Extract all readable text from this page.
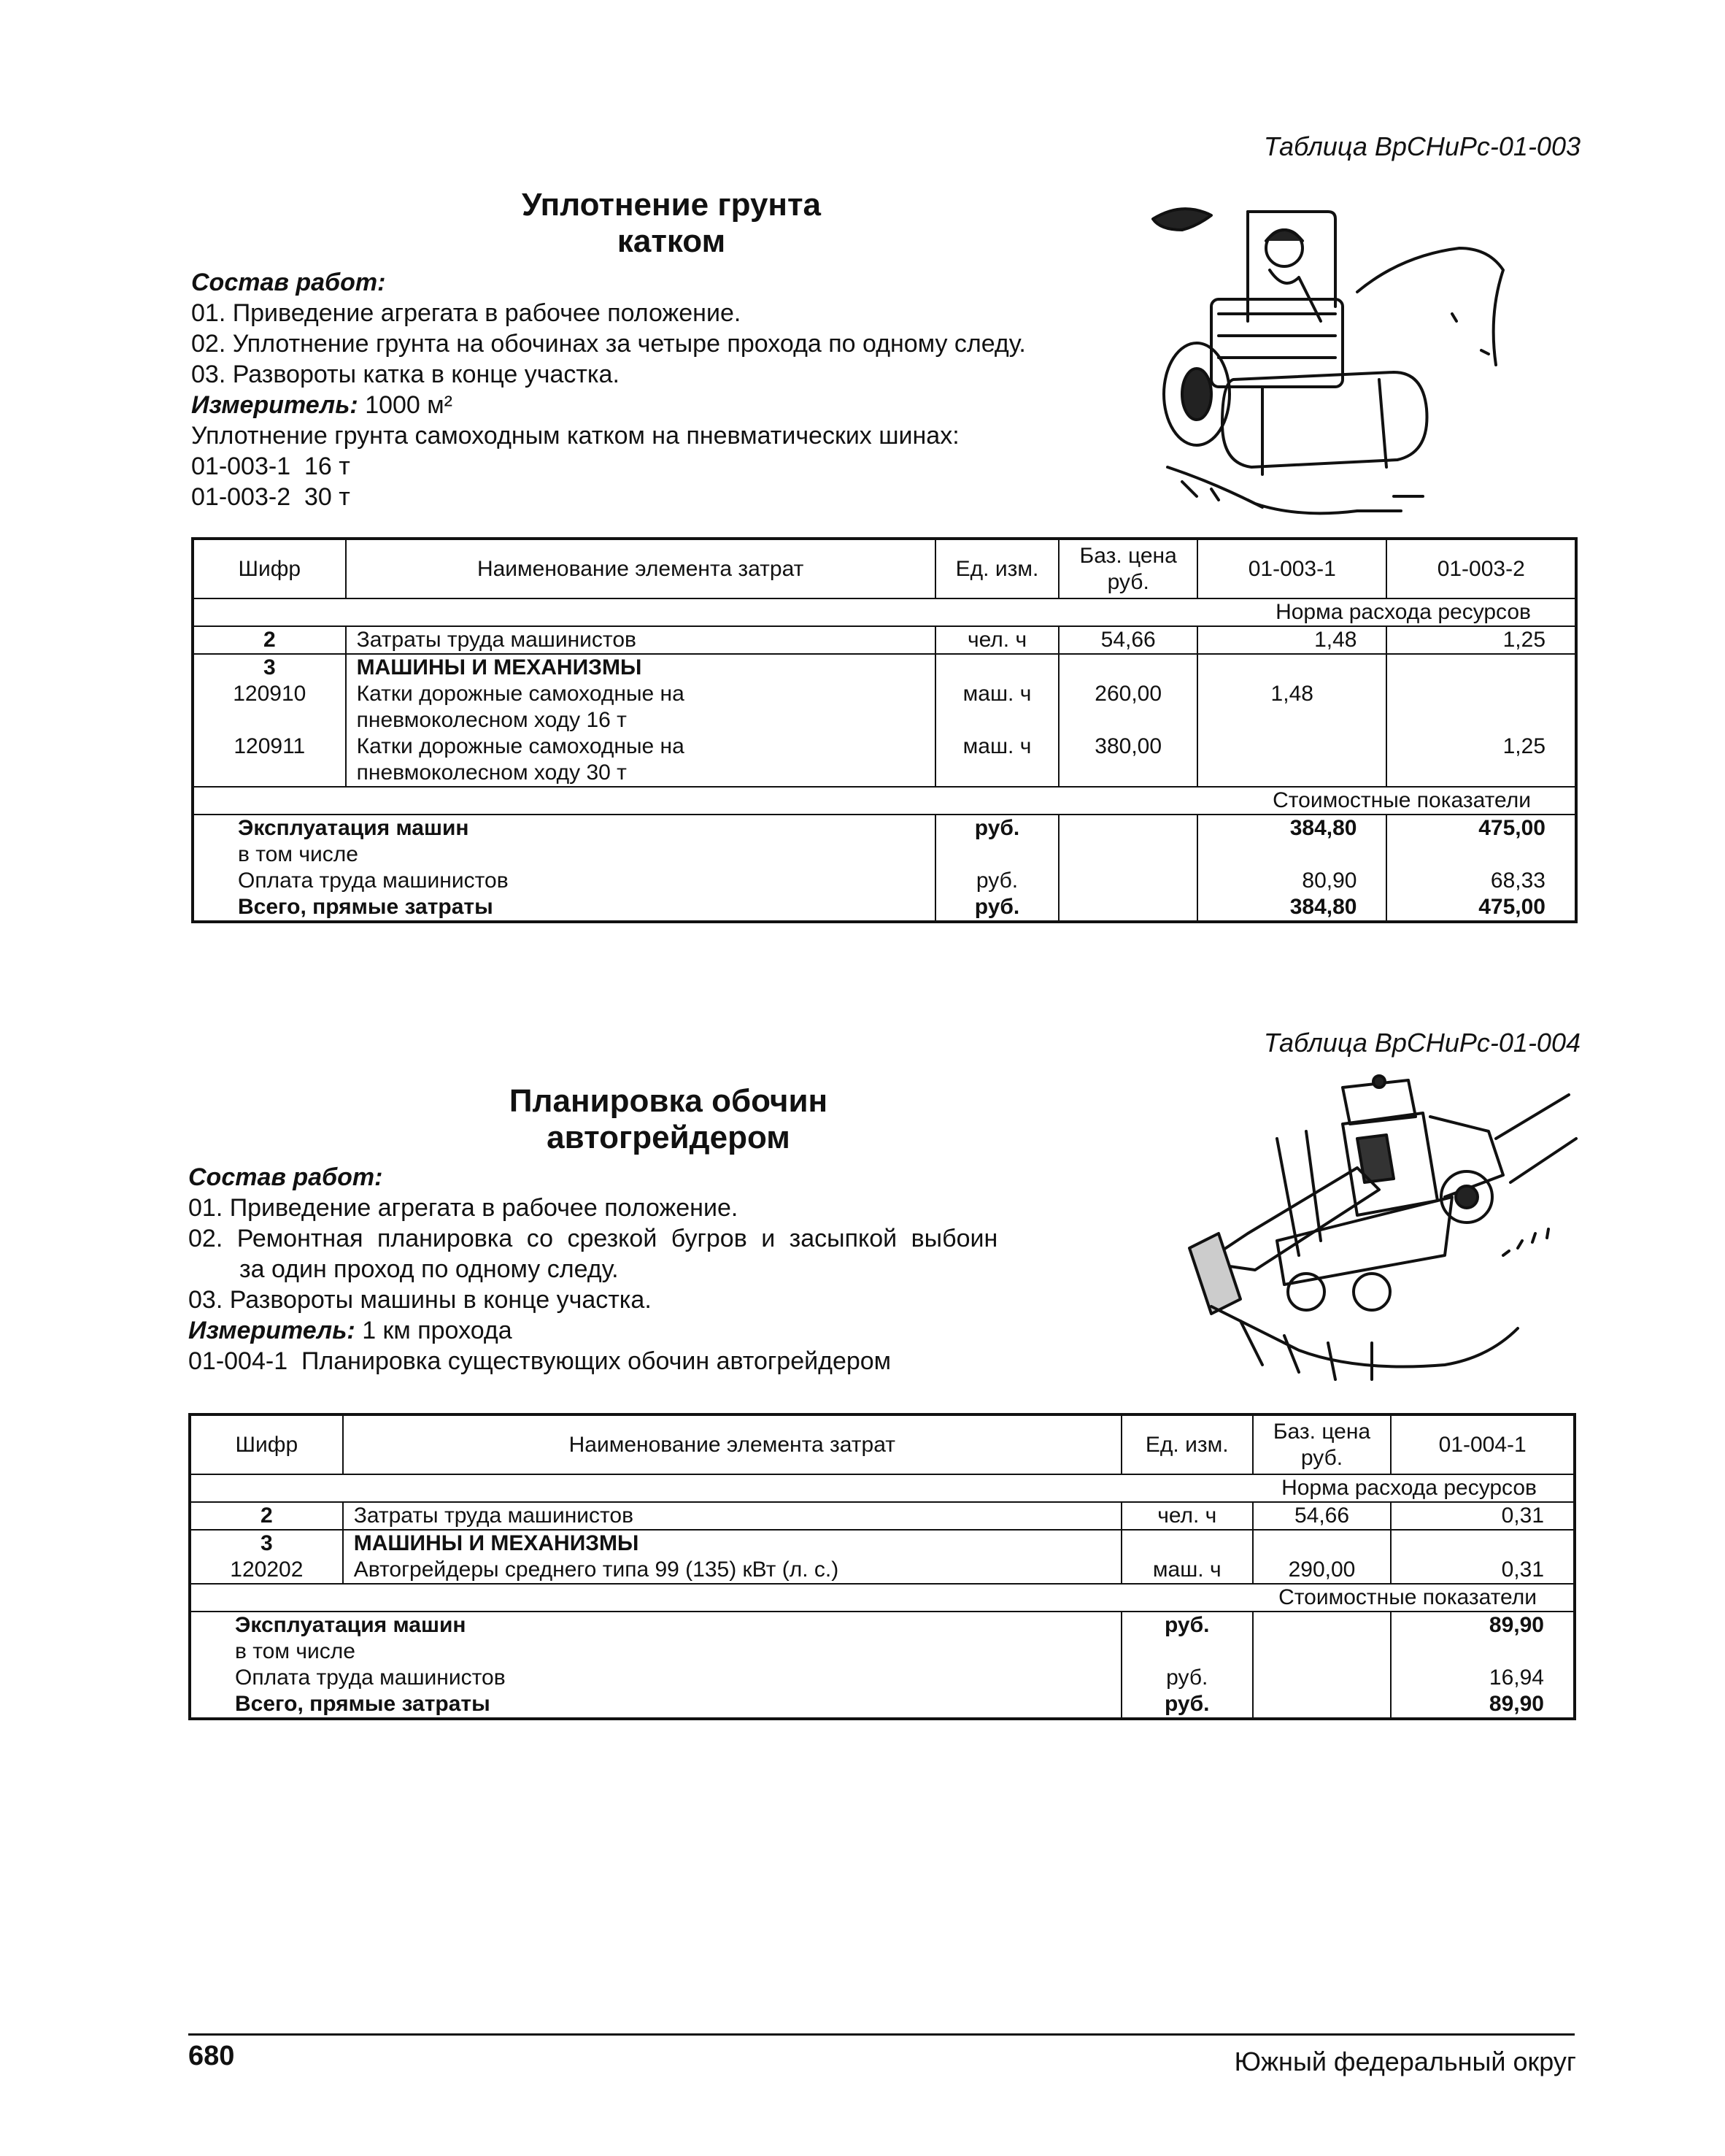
Таблица ВрСНиРс-01-003
Уплотнение грунта
катком
Состав работ:
01. Приведение агрегата в рабочее положение.
02. Уплотнение грунта на обочинах за четыре прохода по одному следу.
03. Развороты катка в конце участка.
Измеритель: 1000 м²
Уплотнение грунта самоходным катком на пневматических шинах:
01-003-1  16 т
01-003-2  30 т
Шифр	Наименование элемента затрат	Ед. изм.	Баз. цена руб.	01-003-1	01-003-2
Норма расхода ресурсов					
2	Затраты труда машинистов	чел. ч	54,66	1,48	1,25
3	МАШИНЫ И МЕХАНИЗМЫ				
120910	Катки дорожные самоходные на пневмоколесном ходу 16 т	маш. ч	260,00	1,48	
120911	Катки дорожные самоходные на пневмоколесном ходу 30 т	маш. ч	380,00		1,25
Стоимостные показатели					
Эксплуатация машин		руб.		384,80	475,00
в том числе					
Оплата труда машинистов		руб.		80,90	68,33
Всего, прямые затраты		руб.		384,80	475,00
Таблица ВрСНиРс-01-004
Планировка обочин
автогрейдером
Состав работ:
01. Приведение агрегата в рабочее положение.
02. Ремонтная планировка со срезкой бугров и засыпкой выбоин
за один проход по одному следу.
03. Развороты машины в конце участка.
Измеритель: 1 км прохода
01-004-1  Планировка существующих обочин автогрейдером
Шифр	Наименование элемента затрат	Ед. изм.	Баз. цена руб.	01-004-1
Норма расхода ресурсов				
2	Затраты труда машинистов	чел. ч	54,66	0,31
3	МАШИНЫ И МЕХАНИЗМЫ			
120202	Автогрейдеры среднего типа 99 (135) кВт (л. с.)	маш. ч	290,00	0,31
Стоимостные показатели				
Эксплуатация машин		руб.		89,90
в том числе				
Оплата труда машинистов		руб.		16,94
Всего, прямые затраты		руб.		89,90
680	Южный федеральный округ
